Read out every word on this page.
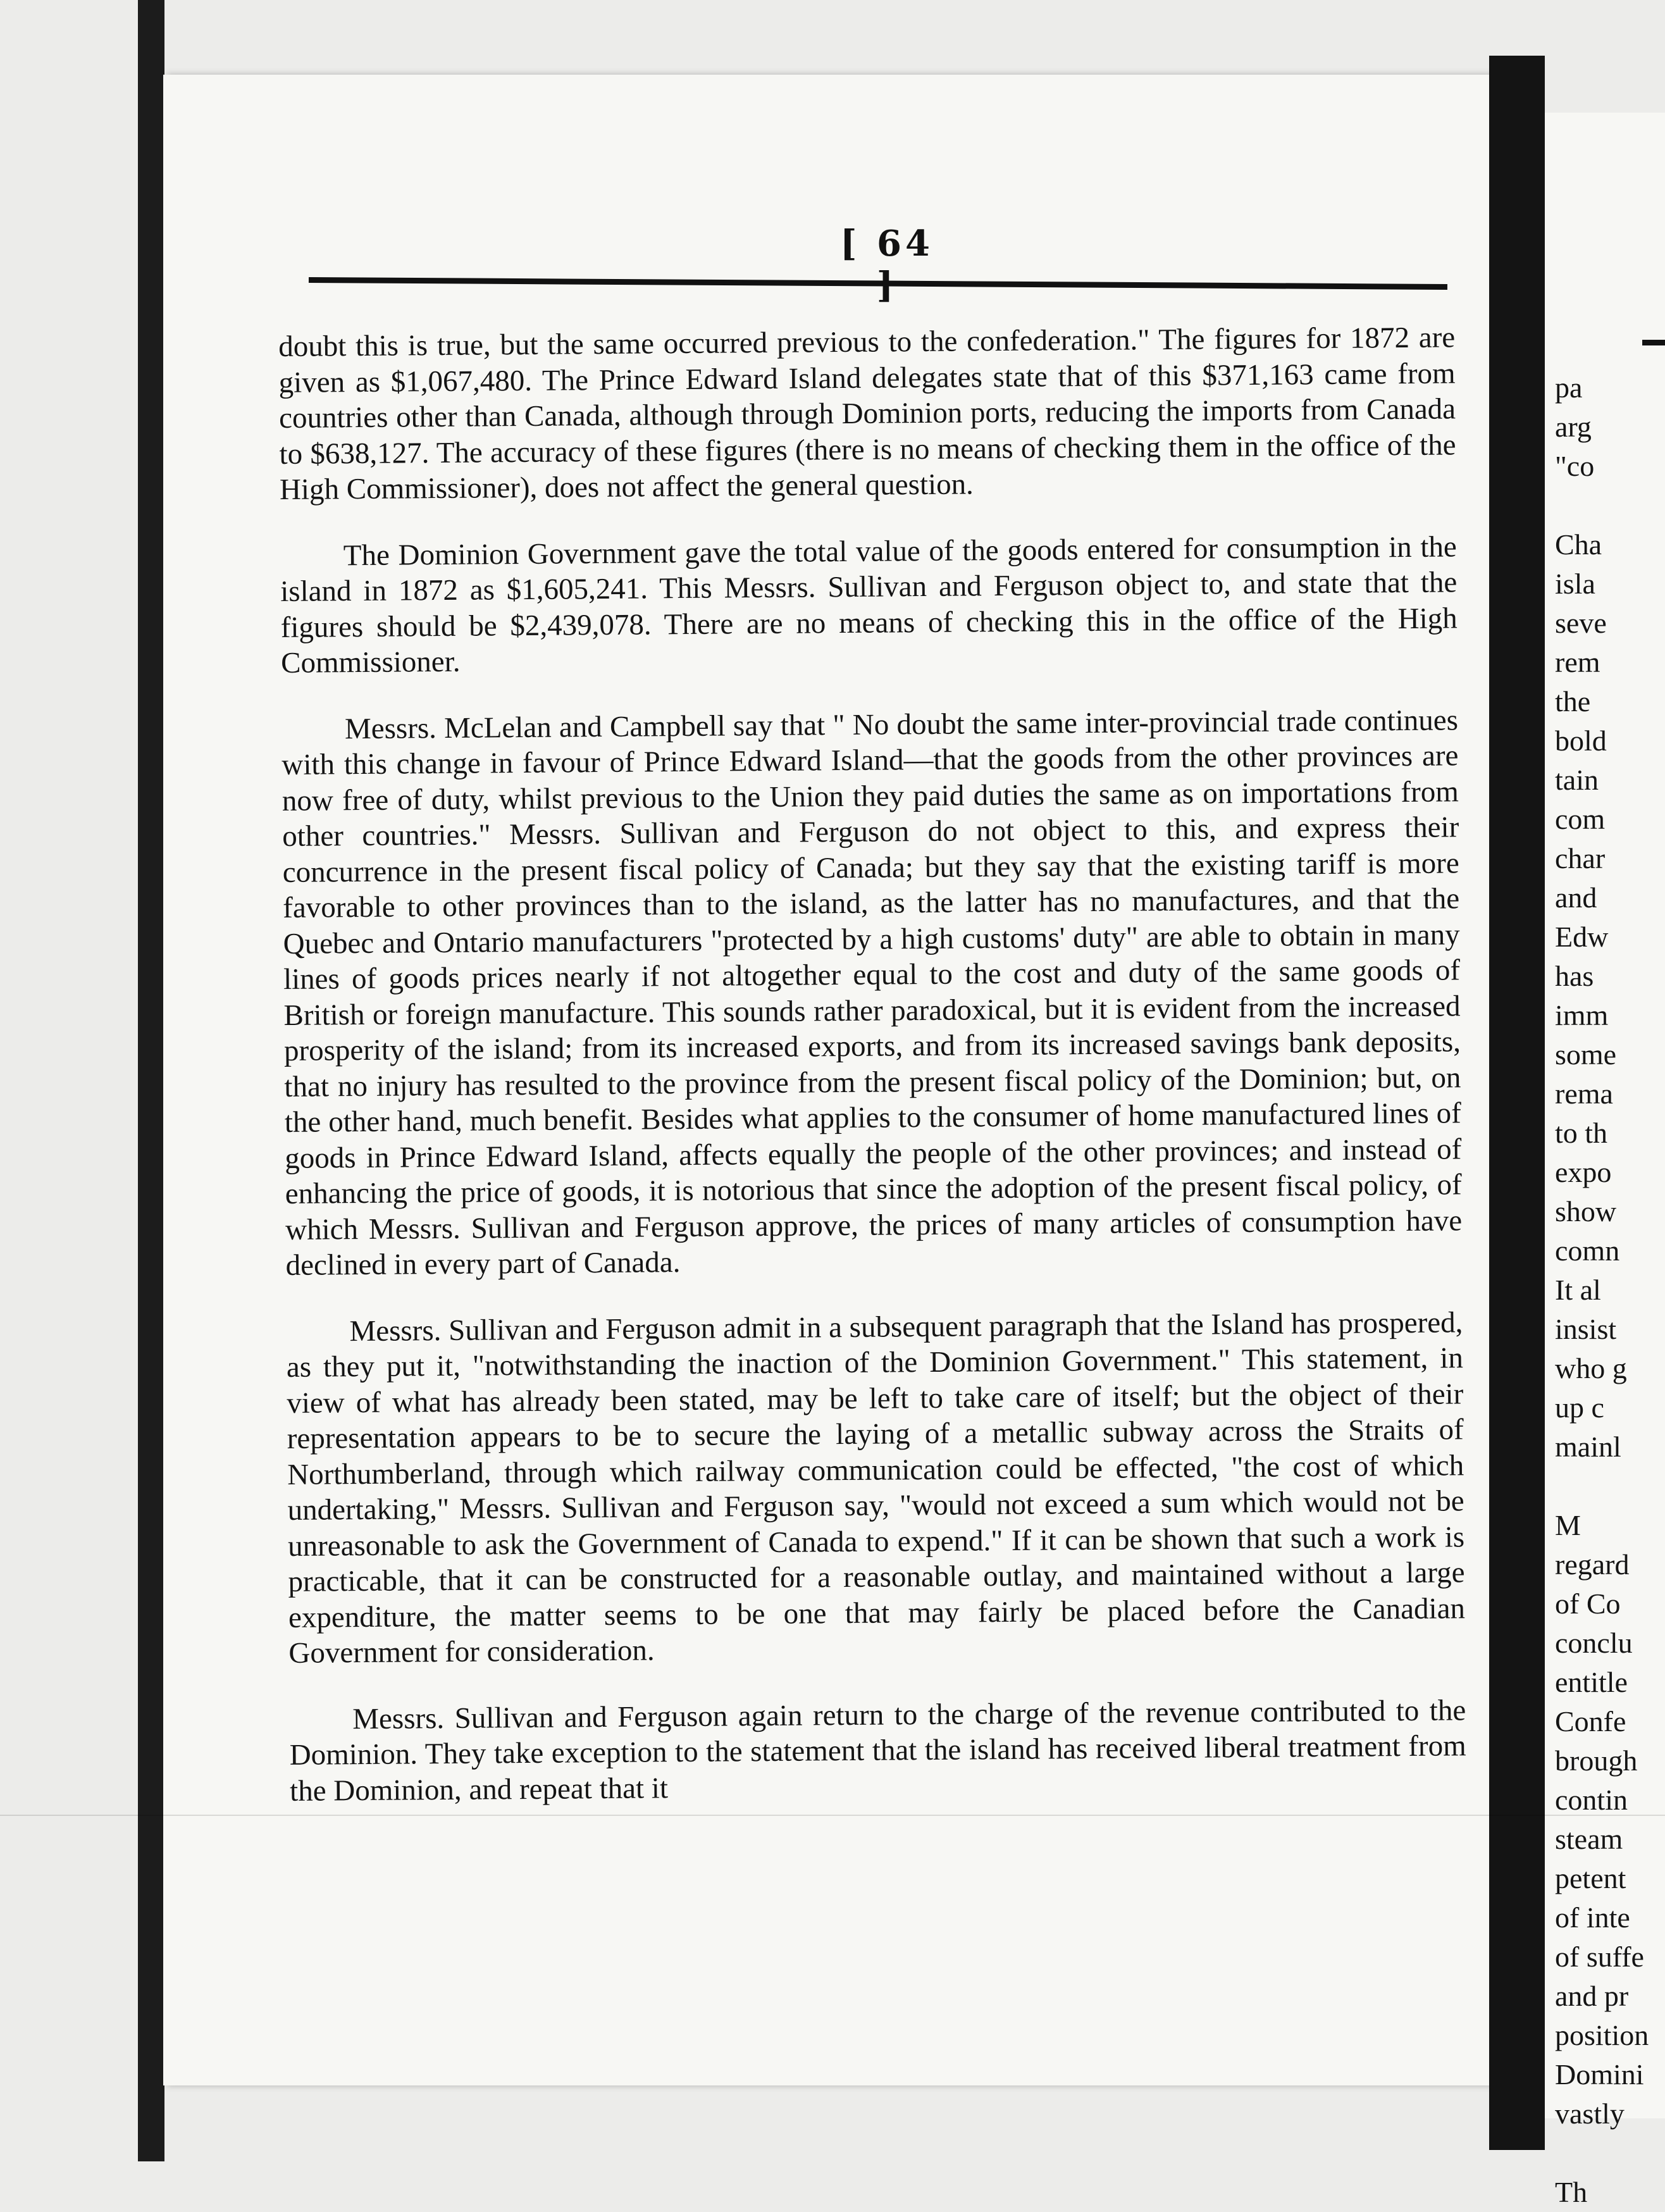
[ 64

doubt this is true, but the same occurred previous to the confederation." The figures for 1872 are given as $1,067,480. The Prince Edward Island delegates state that of this $371,163 came from countries other than Canada, although through Dominion ports, reducing the imports from Canada to $638,127. The accuracy of these figures (there is no means of checking them in the office of the High Commissioner), does not affect the general question.

The Dominion Government gave the total value of the goods entered for consumption in the island in 1872 as $1,605,241. This Messrs. Sullivan and Ferguson object to, and state that the figures should be $2,439,078. There are no means of checking this in the office of the High Commissioner.

Messrs. McLelan and Campbell say that " No doubt the same inter-provincial trade continues with this change in favour of Prince Edward Island—that the goods from the other provinces are now free of duty, whilst previous to the Union they paid duties the same as on importations from other countries." Messrs. Sullivan and Ferguson do not object to this, and express their concurrence in the present fiscal policy of Canada; but they say that the existing tariff is more favorable to other provinces than to the island, as the latter has no manufactures, and that the Quebec and Ontario manufacturers "protected by a high customs' duty" are able to obtain in many lines of goods prices nearly if not altogether equal to the cost and duty of the same goods of British or foreign manufacture. This sounds rather paradoxical, but it is evident from the increased prosperity of the island; from its increased exports, and from its increased savings bank deposits, that no injury has resulted to the province from the present fiscal policy of the Dominion; but, on the other hand, much benefit. Besides what applies to the consumer of home manufactured lines of goods in Prince Edward Island, affects equally the people of the other provinces; and instead of enhancing the price of goods, it is notorious that since the adoption of the present fiscal policy, of which Messrs. Sullivan and Ferguson approve, the prices of many articles of consumption have declined in every part of Canada.

Messrs. Sullivan and Ferguson admit in a subsequent paragraph that the Island has prospered, as they put it, "notwithstanding the inaction of the Dominion Government." This statement, in view of what has already been stated, may be left to take care of itself; but the object of their representation appears to be to secure the laying of a metallic subway across the Straits of Northumberland, through which railway communication could be effected, "the cost of which undertaking," Messrs. Sullivan and Ferguson say, "would not exceed a sum which would not be unreasonable to ask the Government of Canada to expend." If it can be shown that such a work is practicable, that it can be constructed for a reasonable outlay, and maintained without a large expenditure, the matter seems to be one that may fairly be placed before the Canadian Government for consideration.

Messrs. Sullivan and Ferguson again return to the charge of the revenue contributed to the Dominion. They take exception to the statement that the island has received liberal treatment from the Dominion, and repeat that it

pa
arg
"co
Cha
isla
seve
rem
the
bold
tain
com
char
and
Edw
has
imm
some
rema
to th
expo
show
comn
It al
insist
who g
up c
mainl
M
regard
of Co
conclu
entitle
Confe
brough
contin
steam
petent
of inte
of suffe
and pr
position
Domini
vastly
Th
